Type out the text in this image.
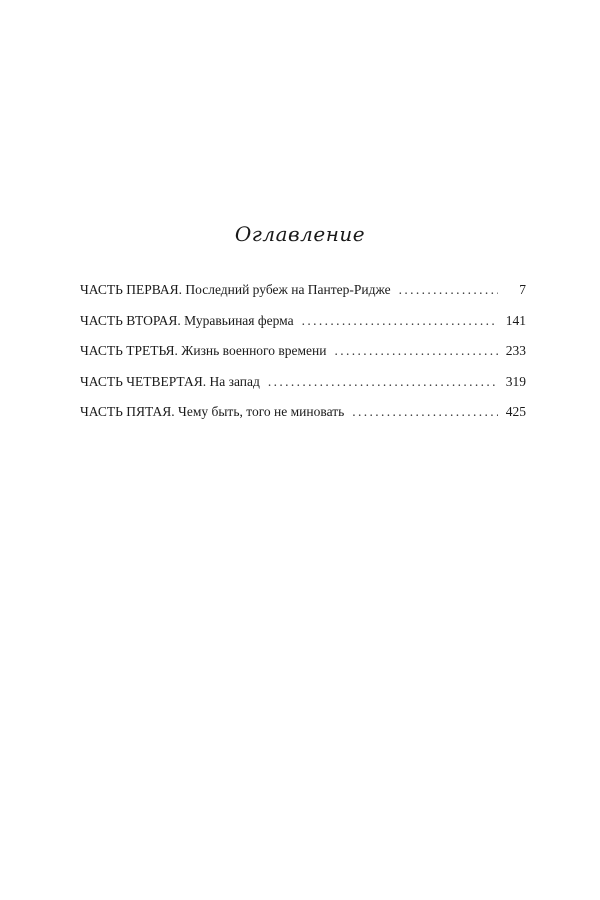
Оглавление
ЧАСТЬ ПЕРВАЯ. Последний рубеж на Пантер-Ридже . . .	7
ЧАСТЬ ВТОРАЯ. Муравьиная ферма . . .	141
ЧАСТЬ ТРЕТЬЯ. Жизнь военного времени . . .	233
ЧАСТЬ ЧЕТВЕРТАЯ. На запад . . .	319
ЧАСТЬ ПЯТАЯ. Чему быть, того не миновать . . .	425
